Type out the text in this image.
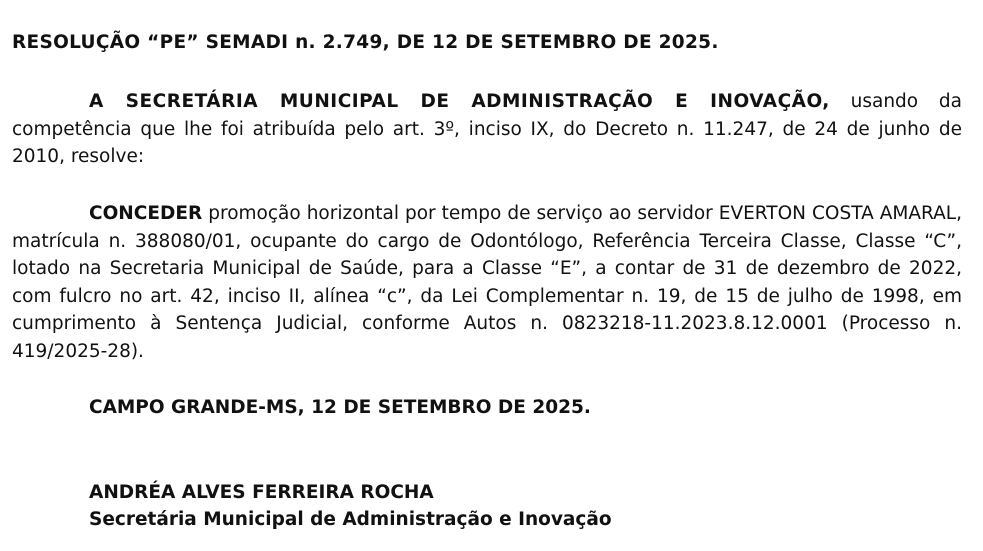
RESOLUÇÃO “PE” SEMADI n. 2.749, DE 12 DE SETEMBRO DE 2025.

A SECRETÁRIA MUNICIPAL DE ADMINISTRAÇÃO E INOVAÇÃO, usando da competência que lhe foi atribuída pelo art. 3º, inciso IX, do Decreto n. 11.247, de 24 de junho de 2010, resolve:

CONCEDER promoção horizontal por tempo de serviço ao servidor EVERTON COSTA AMARAL, matrícula n. 388080/01, ocupante do cargo de Odontólogo, Referência Terceira Classe, Classe “C”, lotado na Secretaria Municipal de Saúde, para a Classe “E”, a contar de 31 de dezembro de 2022, com fulcro no art. 42, inciso II, alínea “c”, da Lei Complementar n. 19, de 15 de julho de 1998, em cumprimento à Sentença Judicial, conforme Autos n. 0823218-11.2023.8.12.0001 (Processo n. 419/2025-28).

CAMPO GRANDE-MS, 12 DE SETEMBRO DE 2025.
ANDRÉA ALVES FERREIRA ROCHA
Secretária Municipal de Administração e Inovação
